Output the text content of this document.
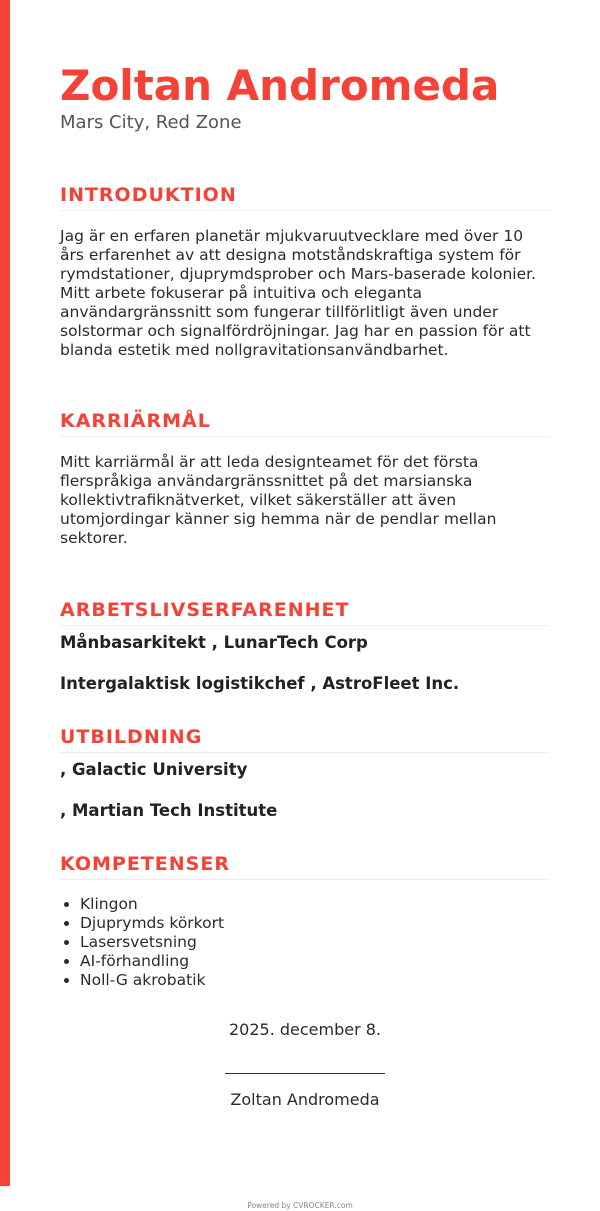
Zoltan Andromeda
Mars City, Red Zone
INTRODUKTION

Jag är en erfaren planetär mjukvaruutvecklare med över 10 års erfarenhet av att designa motståndskraftiga system för rymdstationer, djuprymdsprober och Mars-baserade kolonier. Mitt arbete fokuserar på intuitiva och eleganta användargränssnitt som fungerar tillförlitligt även under solstormar och signalfördröjningar. Jag har en passion för att blanda estetik med nollgravitationsanvändbarhet.

KARRIÄRMÅL

Mitt karriärmål är att leda designteamet för det första flerspråkiga användargränssnittet på det marsianska kollektivtrafiknätverket, vilket säkerställer att även utomjordingar känner sig hemma när de pendlar mellan sektorer.

ARBETSLIVSERFARENHET
Månbasarkitekt , LunarTech Corp
Intergalaktisk logistikchef , AstroFleet Inc.
UTBILDNING
, Galactic University
, Martian Tech Institute
KOMPETENSER
• Klingon
• Djuprymds körkort
• Lasersvetsning
• AI-förhandling
• Noll-G akrobatik
2025. december 8.
Zoltan Andromeda
Powered by CVROCKER.com
